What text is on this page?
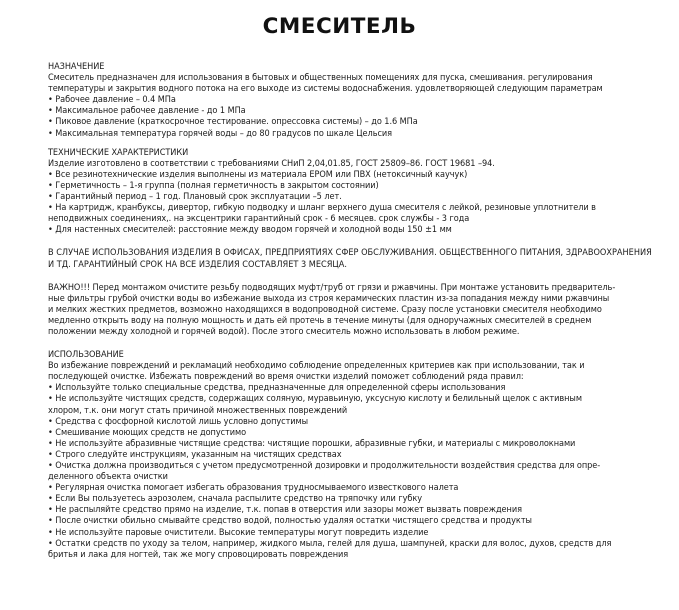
СМЕСИТЕЛЬ
НАЗНАЧЕНИЕ
Смеситель предназначен для использования в бытовых и общественных помещениях для пуска, смешивания. регулирования температуры и закрытия водного потока на его выходе из системы водоснабжения. удовлетворяющей следующим параметрам
• Рабочее давление – 0.4 МПа
• Максимальное рабочее давление - до 1 МПа
• Пиковое давление (краткосрочное тестирование. опрессовка системы) – до 1.6 МПа
• Максимальная температура горячей воды – до 80 градусов по шкале Цельсия
ТЕХНИЧЕСКИЕ ХАРАКТЕРИСТИКИ
Изделие изготовлено в соответствии с требованиями СНиП 2,04,01.85, ГОСТ 25809–86. ГОСТ 19681 –94.
• Все резинотехнические изделия выполнены из материала EPOM или ПВХ (нетоксичный каучук)
• Герметичность – 1-я группа (полная герметичность в закрытом состоянии)
• Гарантийный период – 1 год. Плановый срок эксплуатации –5 лет.
• На картридж, кранбуксы, дивертор, гибкую подводку и шланг верхнего душа смесителя с лейкой, резиновые уплотнители в неподвижных соединениях,. на эксцентрики гарантийный срок - 6 месяцев. срок службы - 3 года
• Для настенных смесителей: расстояние между вводом горячей и холодной воды 150 ±1 мм
В СЛУЧАЕ ИСПОЛЬЗОВАНИЯ ИЗДЕЛИЯ В ОФИСАХ, ПРЕДПРИЯТИЯХ СФЕР ОБСЛУЖИВАНИЯ. ОБЩЕСТВЕННОГО ПИТАНИЯ, ЗДРАВООХРАНЕНИЯ И ТД. ГАРАНТИЙНЫЙ СРОК НА ВСЕ ИЗДЕЛИЯ СОСТАВЛЯЕТ 3 МЕСЯЦА.
ВАЖНО!!! Перед монтажом очистите резьбу подводящих муфт/труб от грязи и ржавчины. При монтаже установить предваритель-
ные фильтры грубой очистки воды во избежание выхода из строя керамических пластин из-за попадания между ними ржавчины
и мелких жестких предметов, возможно находящихся в водопроводной системе. Сразу после установки смесителя необходимо
медленно открыть воду на полную мощность и дать ей протечь в течение минуты (для одноручажных смесителей в среднем
положении между холодной и горячей водой). После этого смеситель можно использовать в любом режиме.
ИСПОЛЬЗОВАНИЕ
Во избежание повреждений и рекламаций необходимо соблюдение определенных критериев как при использовании, так и
последующей очистке. Избежать повреждений во время очистки изделий поможет соблюдений ряда правил:
• Используйте только специальные средства, предназначенные для определенной сферы использования
• Не используйте чистящих средств, содержащих соляную, муравьиную, уксусную кислоту и белильный щелок с активным
хлором, т.к. они могут стать причиной множественных повреждений
• Средства с фосфорной кислотой лишь условно допустимы
• Смешивание моющих средств не допустимо
• Не используйте абразивные чистящие средства: чистящие порошки, абразивные губки, и материалы с микроволокнами
• Строго следуйте инструкциям, указанным на чистящих средствах
• Очистка должна производиться с учетом предусмотренной дозировки и продолжительности воздействия средства для опре-
деленного объекта очистки
• Регулярная очистка помогает избегать образования трудносмываемого известкового налета
• Если Вы пользуетесь аэрозолем, сначала распылите средство на тряпочку или губку
• Не распыляйте средство прямо на изделие, т.к. попав в отверстия или зазоры может вызвать повреждения
• После очистки обильно смывайте средство водой, полностью удаляя остатки чистящего средства и продукты
• Не используйте паровые очистители. Высокие температуры могут повредить изделие
• Остатки средств по уходу за телом, например, жидкого мыла, гелей для душа, шампуней, краски для волос, духов, средств для
бритья и лака для ногтей, так же могу спровоцировать повреждения
